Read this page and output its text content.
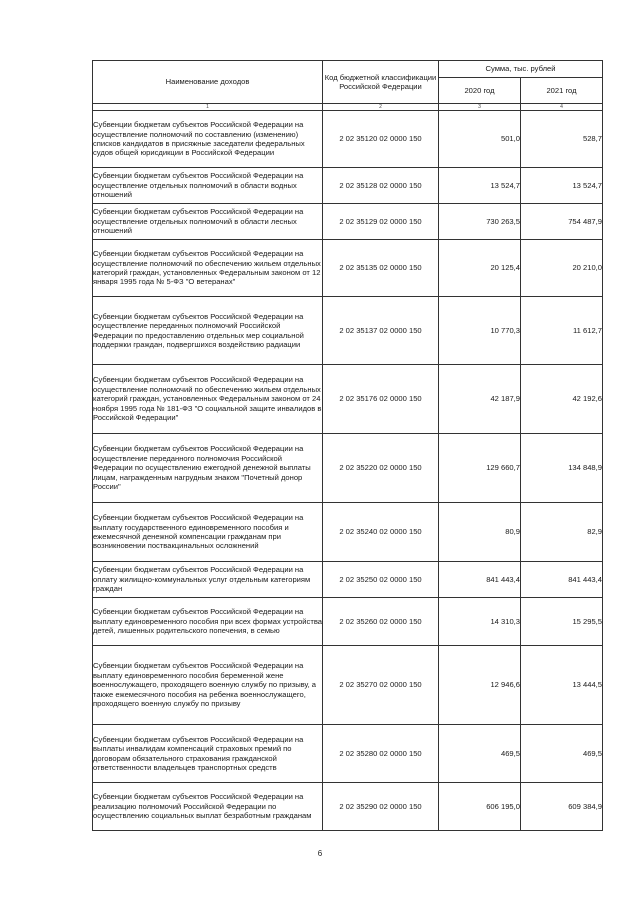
Наименование доходов	Код бюджетной классификации Российской Федерации	Сумма, тыс. рублей	
		2020 год	2021 год
1	2	3	4
Субвенции бюджетам субъектов Российской Федерации на осуществление полномочий по составлению (изменению) списков кандидатов в присяжные заседатели федеральных судов общей юрисдикции в Российской Федерации	2 02 35120 02 0000 150	501,0	528,7
Субвенции бюджетам субъектов Российской Федерации на осуществление отдельных полномочий в области водных отношений	2 02 35128 02 0000 150	13 524,7	13 524,7
Субвенции бюджетам субъектов Российской Федерации на осуществление отдельных полномочий в области лесных отношений	2 02 35129 02 0000 150	730 263,5	754 487,9
Субвенции бюджетам субъектов Российской Федерации на осуществление полномочий по обеспечению жильем отдельных категорий граждан, установленных Федеральным законом от 12 января 1995 года № 5-ФЗ "О ветеранах"	2 02 35135 02 0000 150	20 125,4	20 210,0
Субвенции бюджетам субъектов Российской Федерации на осуществление переданных полномочий Российской Федерации по предоставлению отдельных мер социальной поддержки граждан, подвергшихся воздействию радиации	2 02 35137 02 0000 150	10 770,3	11 612,7
Субвенции бюджетам субъектов Российской Федерации на осуществление полномочий по обеспечению жильем отдельных категорий граждан, установленных Федеральным законом от 24 ноября 1995 года № 181-ФЗ "О социальной защите инвалидов в Российской Федерации"	2 02 35176 02 0000 150	42 187,9	42 192,6
Субвенции бюджетам субъектов Российской Федерации на осуществление переданного полномочия Российской Федерации по осуществлению ежегодной денежной выплаты лицам, награжденным нагрудным знаком "Почетный донор России"	2 02 35220 02 0000 150	129 660,7	134 848,9
Субвенции бюджетам субъектов Российской Федерации на выплату государственного единовременного пособия и ежемесячной денежной компенсации гражданам при возникновении поствакцинальных осложнений	2 02 35240 02 0000 150	80,9	82,9
Субвенции бюджетам субъектов Российской Федерации на оплату жилищно-коммунальных услуг отдельным категориям граждан	2 02 35250 02 0000 150	841 443,4	841 443,4
Субвенции бюджетам субъектов Российской Федерации на выплату единовременного пособия при всех формах устройства детей, лишенных родительского попечения, в семью	2 02 35260 02 0000 150	14 310,3	15 295,5
Субвенции бюджетам субъектов Российской Федерации на выплату единовременного пособия беременной жене военнослужащего, проходящего военную службу по призыву, а также ежемесячного пособия на ребенка военнослужащего, проходящего военную службу по призыву	2 02 35270 02 0000 150	12 946,6	13 444,5
Субвенции бюджетам субъектов Российской Федерации на выплаты инвалидам компенсаций страховых премий по договорам обязательного страхования гражданской ответственности владельцев транспортных средств	2 02 35280 02 0000 150	469,5	469,5
Субвенции бюджетам субъектов Российской Федерации на реализацию полномочий Российской Федерации по осуществлению социальных выплат безработным гражданам	2 02 35290 02 0000 150	606 195,0	609 384,9
6
